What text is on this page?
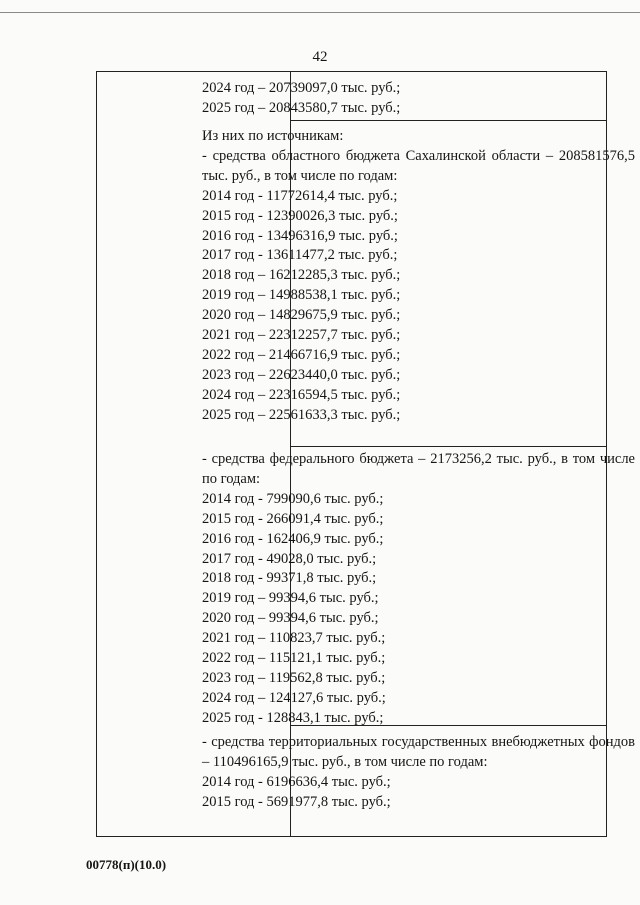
42
2024 год – 20739097,0 тыс. руб.;
2025 год – 20843580,7 тыс. руб.;
Из них по источникам:
- средства областного бюджета Сахалинской области – 208581576,5 тыс. руб., в том числе по годам:
2014 год - 11772614,4 тыс. руб.;
2015 год - 12390026,3 тыс. руб.;
2016 год - 13496316,9 тыс. руб.;
2017 год - 13611477,2 тыс. руб.;
2018 год – 16212285,3 тыс. руб.;
2019 год – 14988538,1 тыс. руб.;
2020 год – 14829675,9 тыс. руб.;
2021 год – 22312257,7 тыс. руб.;
2022 год – 21466716,9 тыс. руб.;
2023 год – 22623440,0 тыс. руб.;
2024 год – 22316594,5 тыс. руб.;
2025 год – 22561633,3 тыс. руб.;
- средства федерального бюджета – 2173256,2 тыс. руб., в том числе по годам:
2014 год - 799090,6 тыс. руб.;
2015 год - 266091,4 тыс. руб.;
2016 год - 162406,9 тыс. руб.;
2017 год - 49028,0 тыс. руб.;
2018 год - 99371,8 тыс. руб.;
2019 год – 99394,6 тыс. руб.;
2020 год – 99394,6 тыс. руб.;
2021 год – 110823,7 тыс. руб.;
2022 год – 115121,1 тыс. руб.;
2023 год – 119562,8 тыс. руб.;
2024 год – 124127,6 тыс. руб.;
2025 год - 128843,1 тыс. руб.;
- средства территориальных государственных внебюджетных фондов – 110496165,9 тыс. руб., в том числе по годам:
2014 год - 6196636,4 тыс. руб.;
2015 год - 5691977,8 тыс. руб.;
00778(п)(10.0)
